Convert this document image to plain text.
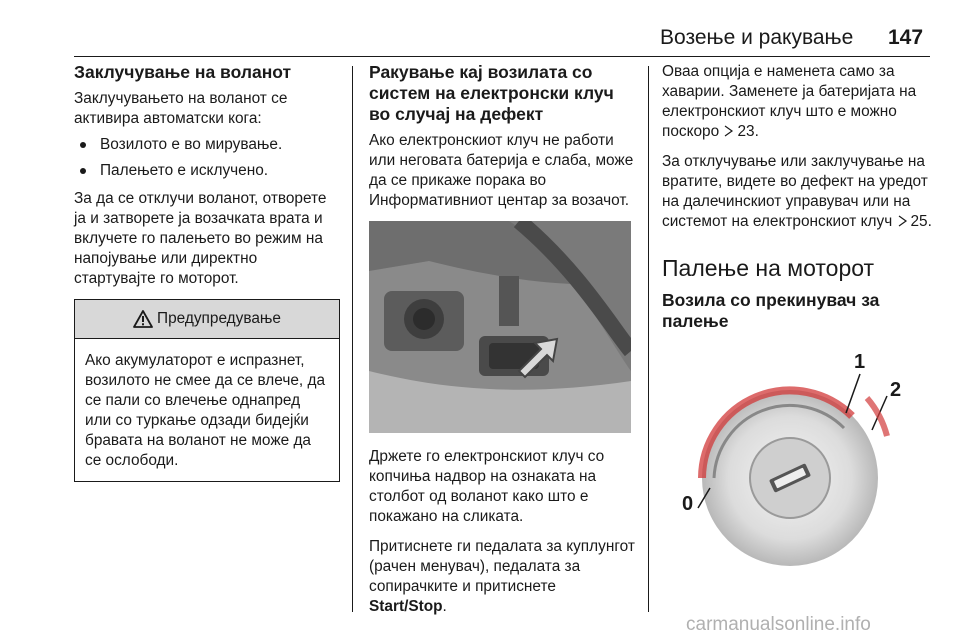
Возење и ракување 147
Заклучување на воланот

Заклучувањето на воланот се активира автоматски кога:

Возилото е во мирување.
Палењето е исклучено.

За да се отклучи воланот, отворете ја и затворете ја возачката врата и вклучете го палењето во режим на напојување или директно стартувајте го моторот.

Предупредување
Ако акумулаторот е испразнет, возилото не смее да се влече, да се пали со влечење однапред или со туркање одзади бидејќи бравата на воланот не може да се ослободи.
Ракување кај возилата со систем на електронски клуч во случај на дефект

Ако електронскиот клуч не работи или неговата батерија е слаба, може да се прикаже порака во Информативниот центар за возачот.

Држете го електронскиот клуч со копчиња надвор на ознаката на столбот од воланот како што е покажано на сликата.

Притиснете ги педалата за куплунгот (рачен менувач), педалата за сопирачките и притиснете Start/Stop.

Оваа опција е наменета само за хаварии. Заменете ја батеријата на електронскиот клуч што е можно поскоро 23.

За отклучување или заклучување на вратите, видете во дефект на уредот на далечинскиот управувач или на системот на електронскиот клуч 25.

Палење на моторот
Возила со прекинувач за палење
1
2
0
carmanualsonline.info
